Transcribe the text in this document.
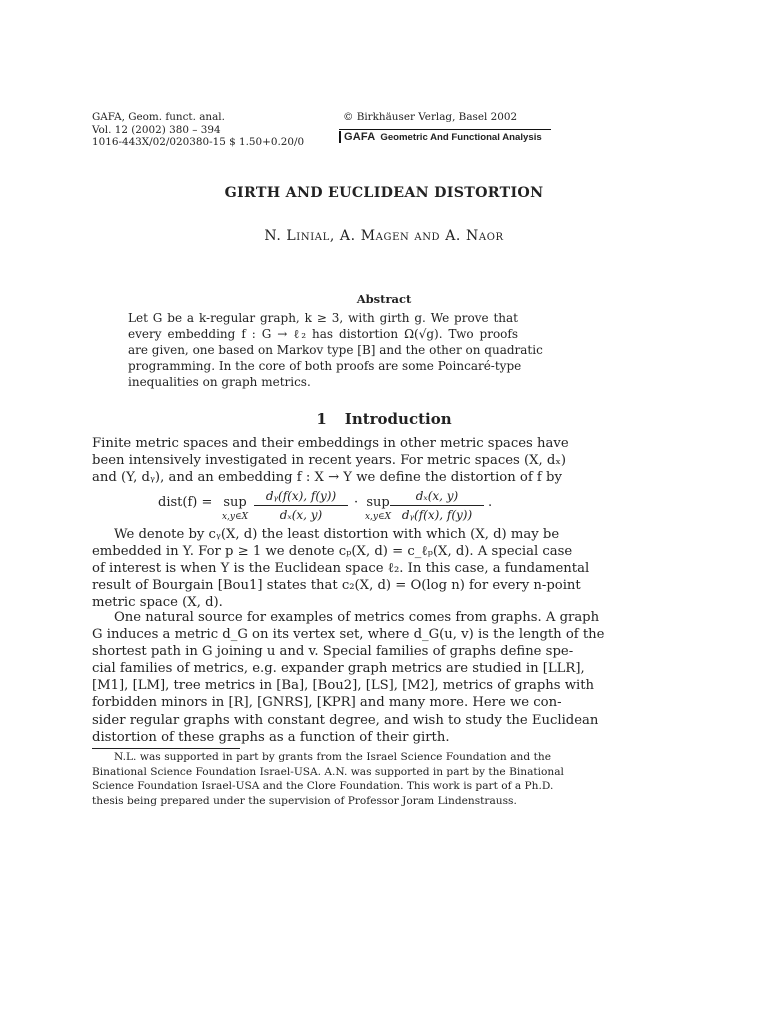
GAFA, Geom. funct. anal.
Vol. 12 (2002) 380 – 394
1016-443X/02/020380-15 $ 1.50+0.20/0
© Birkhäuser Verlag, Basel 2002
GAFA Geometric And Functional Analysis
GIRTH AND EUCLIDEAN DISTORTION
N. Linial, A. Magen and A. Naor
Abstract
Let G be a k-regular graph, k ≥ 3, with girth g. We prove that
every embedding f : G → ℓ₂ has distortion Ω(√g). Two proofs
are given, one based on Markov type [B] and the other on quadratic
programming. In the core of both proofs are some Poincaré-type
inequalities on graph metrics.
1 Introduction
Finite metric spaces and their embeddings in other metric spaces have
been intensively investigated in recent years. For metric spaces (X, dₓ)
and (Y, dᵧ), and an embedding f : X → Y we define the distortion of f by
dist(f) = sup
x,y∈X
dᵧ(f(x), f(y))
dₓ(x, y)
· sup
x,y∈X
dₓ(x, y)
dᵧ(f(x), f(y))
.
We denote by cᵧ(X, d) the least distortion with which (X, d) may be
embedded in Y. For p ≥ 1 we denote cₚ(X, d) = c_ℓₚ(X, d). A special case
of interest is when Y is the Euclidean space ℓ₂. In this case, a fundamental
result of Bourgain [Bou1] states that c₂(X, d) = O(log n) for every n-point
metric space (X, d).
One natural source for examples of metrics comes from graphs. A graph
G induces a metric d_G on its vertex set, where d_G(u, v) is the length of the
shortest path in G joining u and v. Special families of graphs define spe-
cial families of metrics, e.g. expander graph metrics are studied in [LLR],
[M1], [LM], tree metrics in [Ba], [Bou2], [LS], [M2], metrics of graphs with
forbidden minors in [R], [GNRS], [KPR] and many more. Here we con-
sider regular graphs with constant degree, and wish to study the Euclidean
distortion of these graphs as a function of their girth.
N.L. was supported in part by grants from the Israel Science Foundation and the
Binational Science Foundation Israel-USA. A.N. was supported in part by the Binational
Science Foundation Israel-USA and the Clore Foundation. This work is part of a Ph.D.
thesis being prepared under the supervision of Professor Joram Lindenstrauss.
